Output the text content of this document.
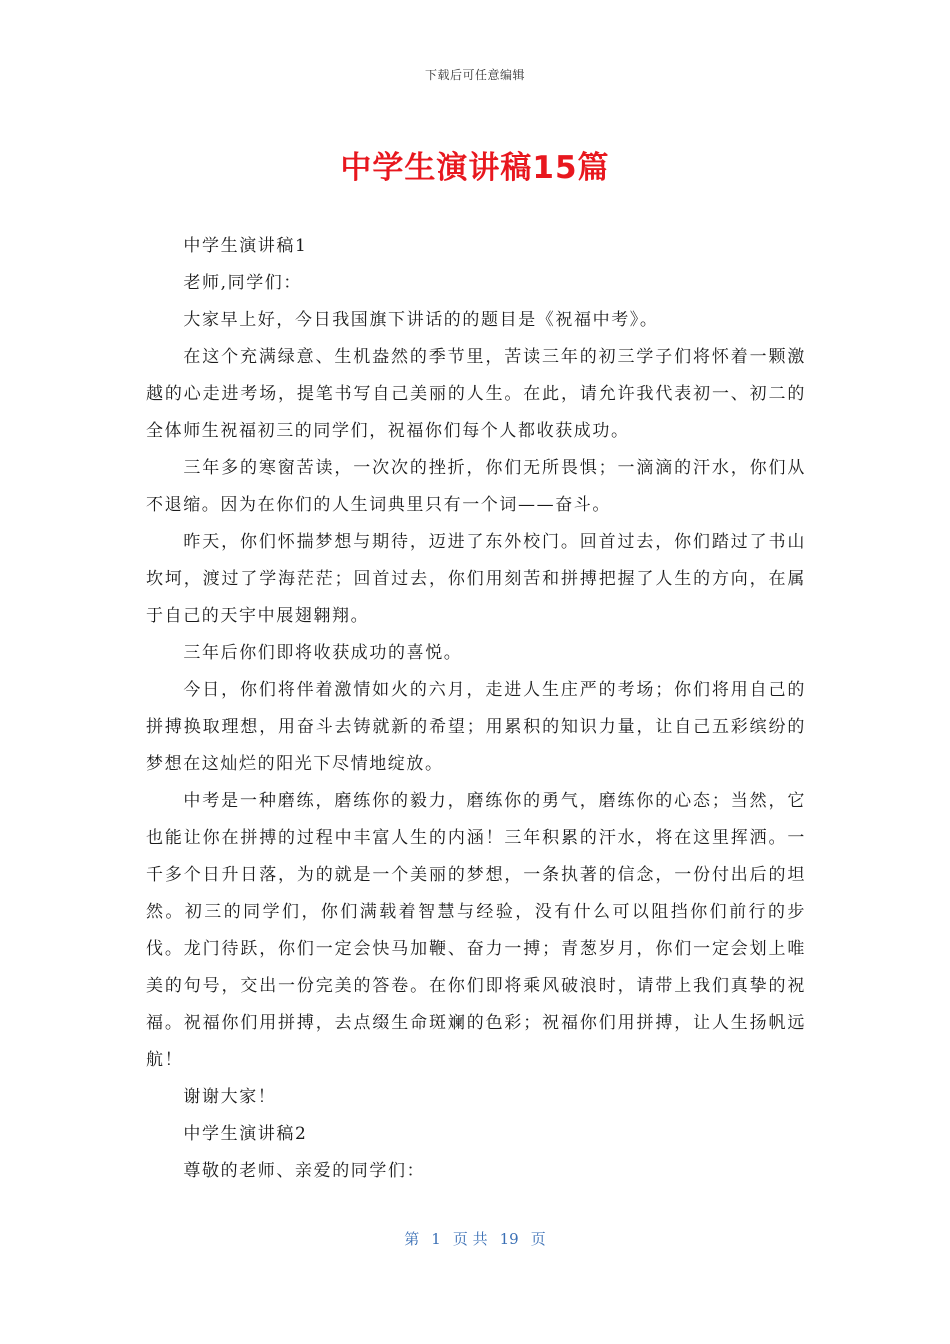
下载后可任意编辑
中学生演讲稿15篇

中学生演讲稿1

老师,同学们：

大家早上好，今日我国旗下讲话的的题目是《祝福中考》。

在这个充满绿意、生机盎然的季节里，苦读三年的初三学子们将怀着一颗激越的心走进考场，提笔书写自己美丽的人生。在此，请允许我代表初一、初二的全体师生祝福初三的同学们，祝福你们每个人都收获成功。

三年多的寒窗苦读，一次次的挫折，你们无所畏惧；一滴滴的汗水，你们从不退缩。因为在你们的人生词典里只有一个词——奋斗。

昨天，你们怀揣梦想与期待，迈进了东外校门。回首过去，你们踏过了书山坎坷，渡过了学海茫茫；回首过去，你们用刻苦和拼搏把握了人生的方向，在属于自己的天宇中展翅翱翔。

三年后你们即将收获成功的喜悦。

今日，你们将伴着激情如火的六月，走进人生庄严的考场；你们将用自己的拼搏换取理想，用奋斗去铸就新的希望；用累积的知识力量，让自己五彩缤纷的梦想在这灿烂的阳光下尽情地绽放。

中考是一种磨练，磨练你的毅力，磨练你的勇气，磨练你的心态；当然，它也能让你在拼搏的过程中丰富人生的内涵！三年积累的汗水，将在这里挥洒。一千多个日升日落，为的就是一个美丽的梦想，一条执著的信念，一份付出后的坦然。初三的同学们，你们满载着智慧与经验，没有什么可以阻挡你们前行的步伐。龙门待跃，你们一定会快马加鞭、奋力一搏；青葱岁月，你们一定会划上唯美的句号，交出一份完美的答卷。在你们即将乘风破浪时，请带上我们真挚的祝福。祝福你们用拼搏，去点缀生命斑斓的色彩；祝福你们用拼搏，让人生扬帆远航！

谢谢大家！

中学生演讲稿2

尊敬的老师、亲爱的同学们：

第 1 页 共 19 页
